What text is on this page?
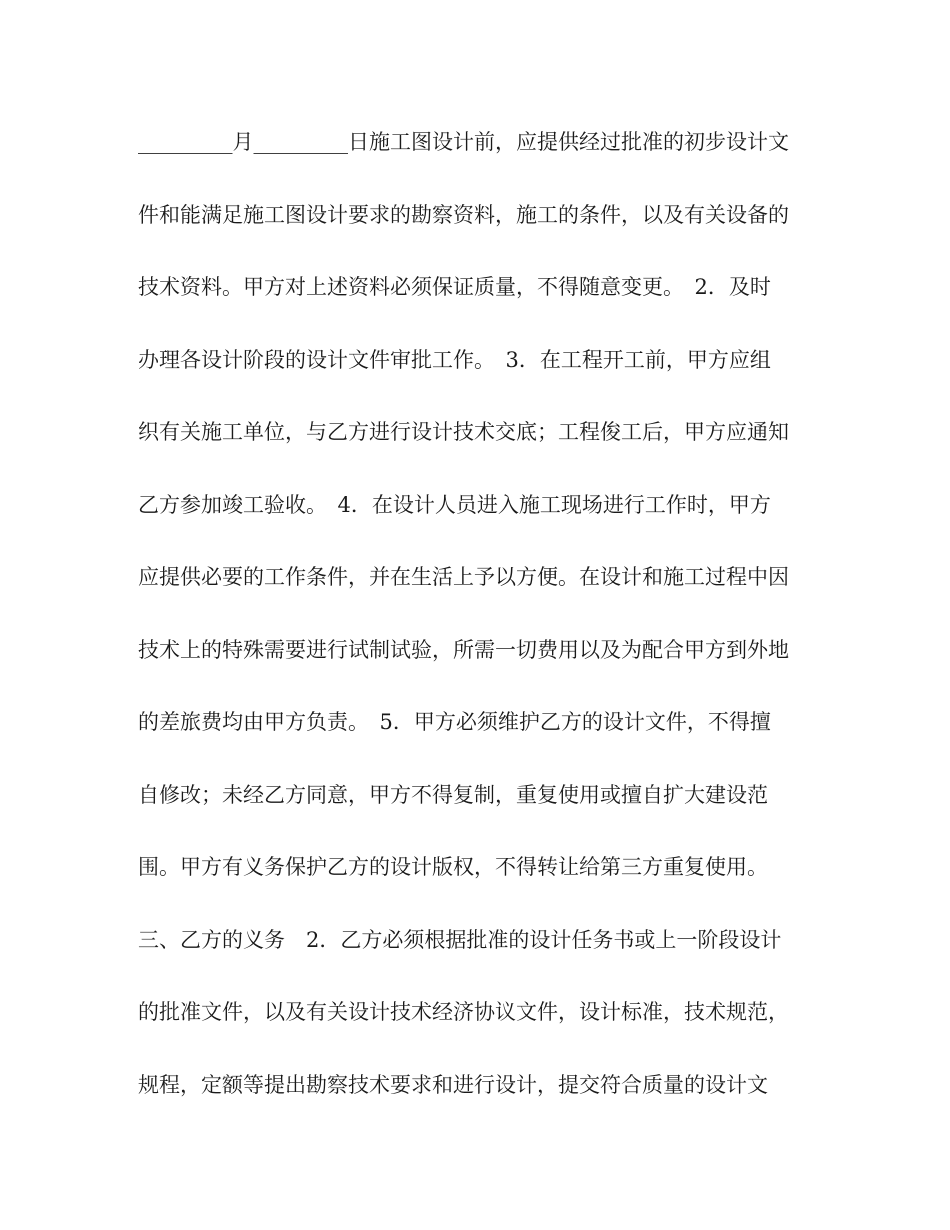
_________月_________日施工图设计前，应提供经过批准的初步设计文
件和能满足施工图设计要求的勘察资料，施工的条件，以及有关设备的
技术资料。甲方对上述资料必须保证质量，不得随意变更。　2．及时
办理各设计阶段的设计文件审批工作。　3．在工程开工前，甲方应组
织有关施工单位，与乙方进行设计技术交底；工程俊工后，甲方应通知
乙方参加竣工验收。　4．在设计人员进入施工现场进行工作时，甲方
应提供必要的工作条件，并在生活上予以方便。在设计和施工过程中因
技术上的特殊需要进行试制试验，所需一切费用以及为配合甲方到外地
的差旅费均由甲方负责。　5．甲方必须维护乙方的设计文件，不得擅
自修改；未经乙方同意，甲方不得复制，重复使用或擅自扩大建设范
围。甲方有义务保护乙方的设计版权，不得转让给第三方重复使用。
三、乙方的义务　2．乙方必须根据批准的设计任务书或上一阶段设计
的批准文件，以及有关设计技术经济协议文件，设计标准，技术规范，
规程，定额等提出勘察技术要求和进行设计，提交符合质量的设计文
